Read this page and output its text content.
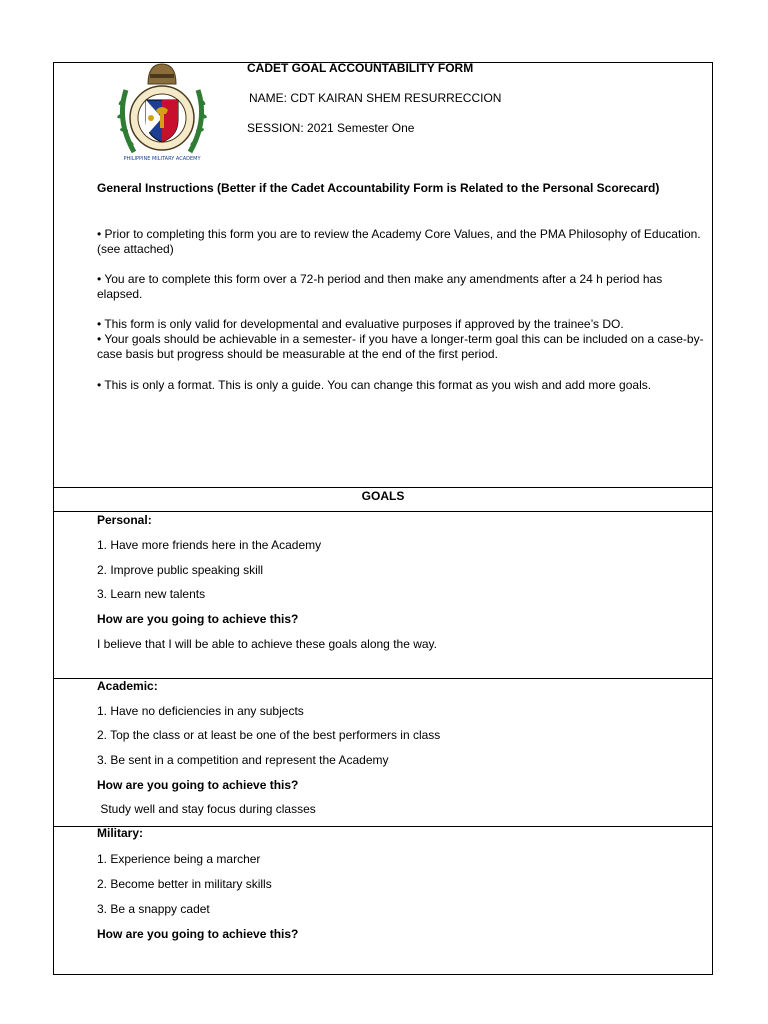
PHILIPPINE MILITARY ACADEMY
CADET GOAL ACCOUNTABILITY FORM
NAME: CDT KAIRAN SHEM RESURRECCION
SESSION: 2021 Semester One
General Instructions (Better if the Cadet Accountability Form is Related to the Personal Scorecard)
• Prior to completing this form you are to review the Academy Core Values, and the PMA Philosophy of Education. (see attached)
• You are to complete this form over a 72-h period and then make any amendments after a 24 h period has elapsed.
• This form is only valid for developmental and evaluative purposes if approved by the trainee’s DO.
• Your goals should be achievable in a semester- if you have a longer-term goal this can be included on a case-by-case basis but progress should be measurable at the end of the first period.
• This is only a format. This is only a guide. You can change this format as you wish and add more goals.
GOALS
Personal:
1. Have more friends here in the Academy
2. Improve public speaking skill
3. Learn new talents
How are you going to achieve this?
I believe that I will be able to achieve these goals along the way.
Academic:
1. Have no deficiencies in any subjects
2. Top the class or at least be one of the best performers in class
3. Be sent in a competition and represent the Academy
How are you going to achieve this?
Study well and stay focus during classes
Military:
1. Experience being a marcher
2. Become better in military skills
3. Be a snappy cadet
How are you going to achieve this?
